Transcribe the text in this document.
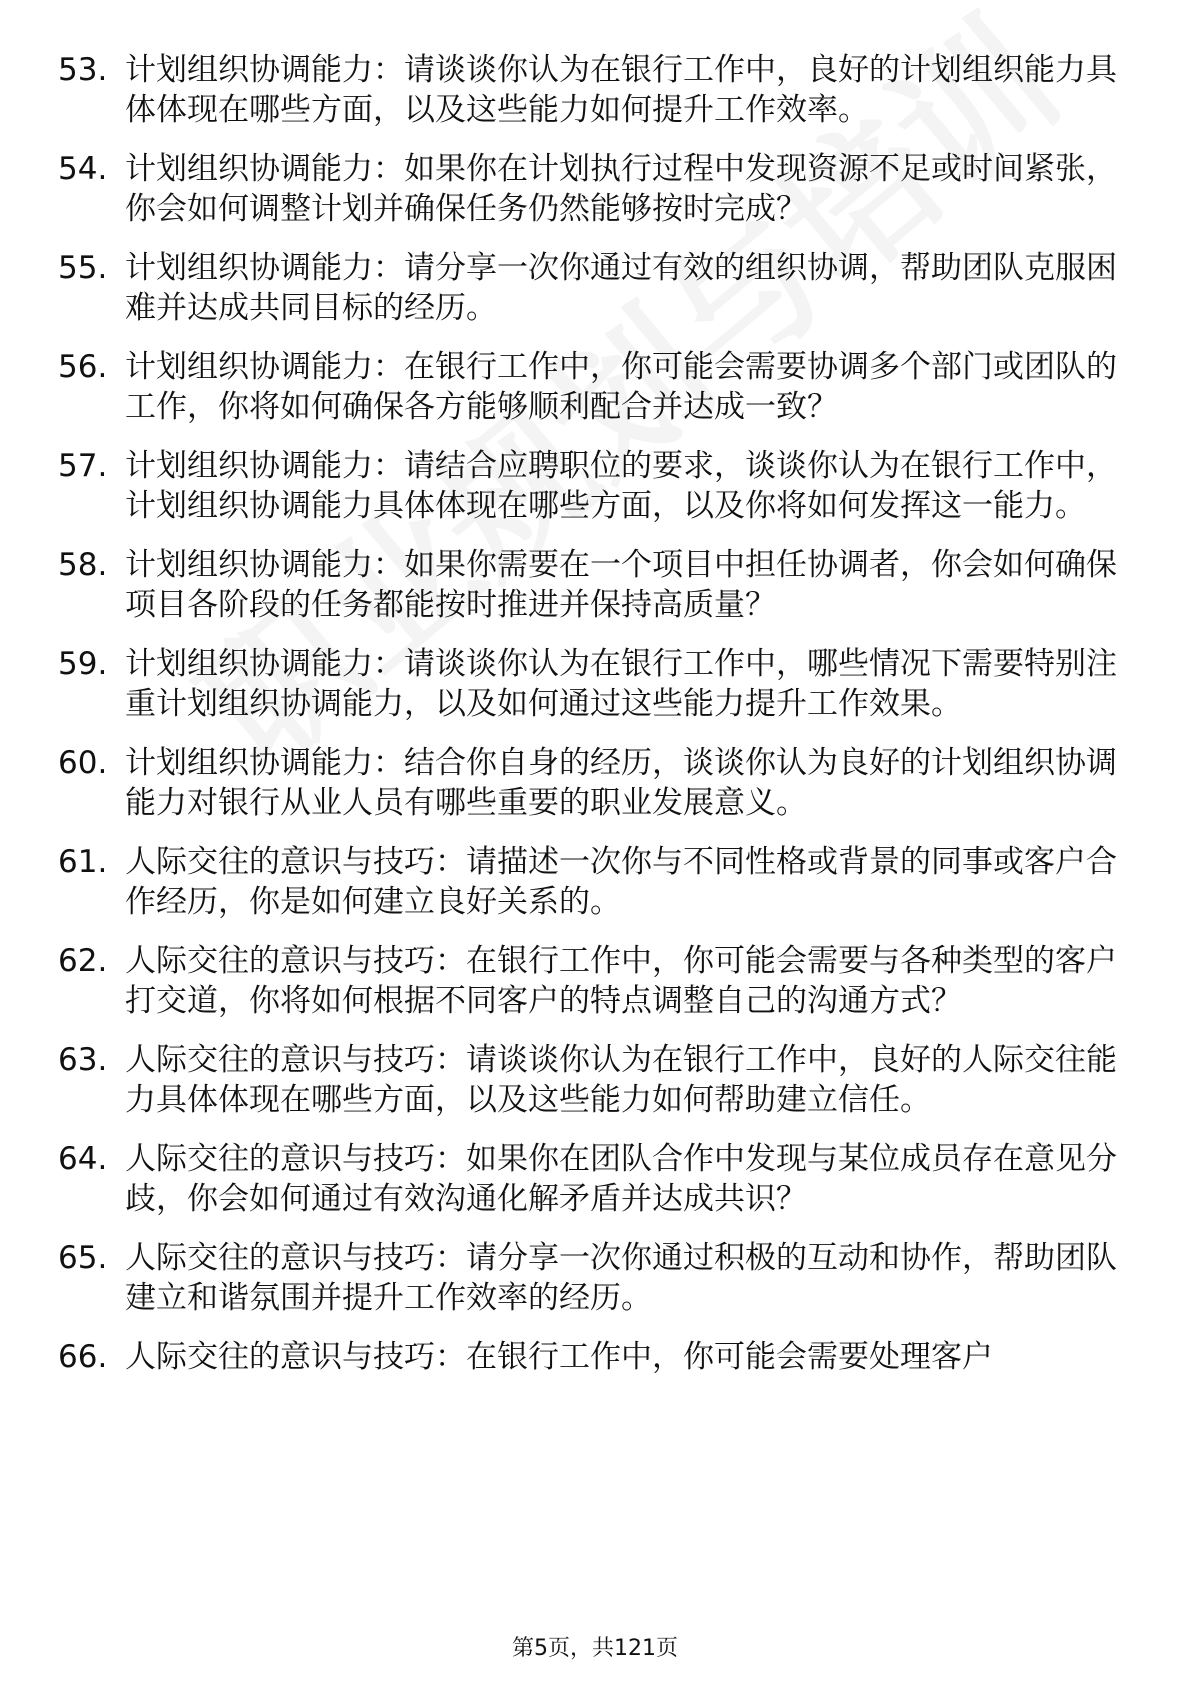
53. 计划组织协调能力：请谈谈你认为在银行工作中，良好的计划组织能力具体体现在哪些方面，以及这些能力如何提升工作效率。
54. 计划组织协调能力：如果你在计划执行过程中发现资源不足或时间紧张，你会如何调整计划并确保任务仍然能够按时完成？
55. 计划组织协调能力：请分享一次你通过有效的组织协调，帮助团队克服困难并达成共同目标的经历。
56. 计划组织协调能力：在银行工作中，你可能会需要协调多个部门或团队的工作，你将如何确保各方能够顺利配合并达成一致？
57. 计划组织协调能力：请结合应聘职位的要求，谈谈你认为在银行工作中，计划组织协调能力具体体现在哪些方面，以及你将如何发挥这一能力。
58. 计划组织协调能力：如果你需要在一个项目中担任协调者，你会如何确保项目各阶段的任务都能按时推进并保持高质量？
59. 计划组织协调能力：请谈谈你认为在银行工作中，哪些情况下需要特别注重计划组织协调能力，以及如何通过这些能力提升工作效果。
60. 计划组织协调能力：结合你自身的经历，谈谈你认为良好的计划组织协调能力对银行从业人员有哪些重要的职业发展意义。
61. 人际交往的意识与技巧：请描述一次你与不同性格或背景的同事或客户合作经历，你是如何建立良好关系的。
62. 人际交往的意识与技巧：在银行工作中，你可能会需要与各种类型的客户打交道，你将如何根据不同客户的特点调整自己的沟通方式？
63. 人际交往的意识与技巧：请谈谈你认为在银行工作中，良好的人际交往能力具体体现在哪些方面，以及这些能力如何帮助建立信任。
64. 人际交往的意识与技巧：如果你在团队合作中发现与某位成员存在意见分歧，你会如何通过有效沟通化解矛盾并达成共识？
65. 人际交往的意识与技巧：请分享一次你通过积极的互动和协作，帮助团队建立和谐氛围并提升工作效率的经历。
66. 人际交往的意识与技巧：在银行工作中，你可能会需要处理客户
第5页，共121页
